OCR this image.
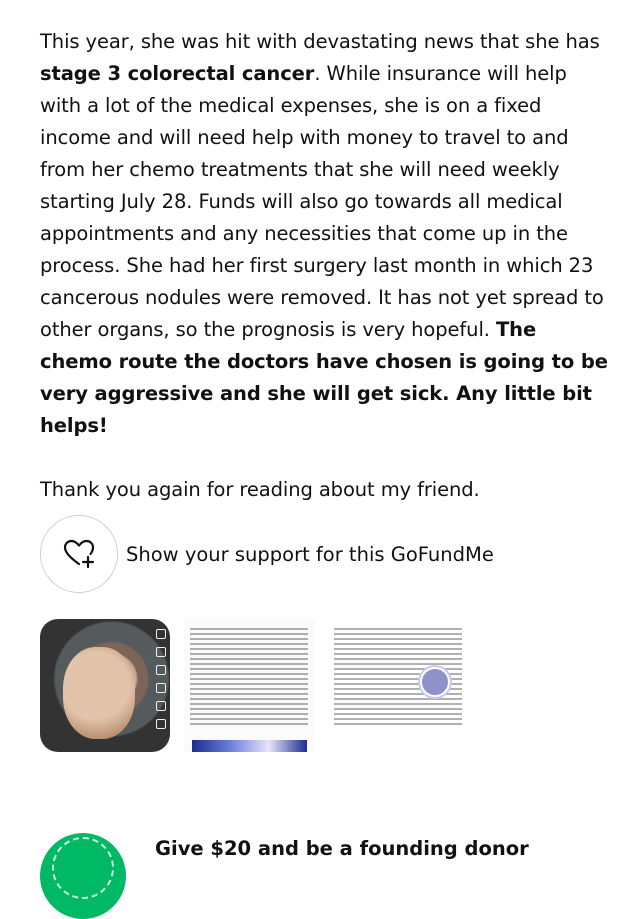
This year, she was hit with devastating news that she has stage 3 colorectal cancer. While insurance will help with a lot of the medical expenses, she is on a fixed income and will need help with money to travel to and from her chemo treatments that she will need weekly starting July 28. Funds will also go towards all medical appointments and any necessities that come up in the process. She had her first surgery last month in which 23 cancerous nodules were removed. It has not yet spread to other organs, so the prognosis is very hopeful. The chemo route the doctors have chosen is going to be very aggressive and she will get sick. Any little bit helps!

Thank you again for reading about my friend.

Show your support for this GoFundMe
Give $20 and be a founding donor
